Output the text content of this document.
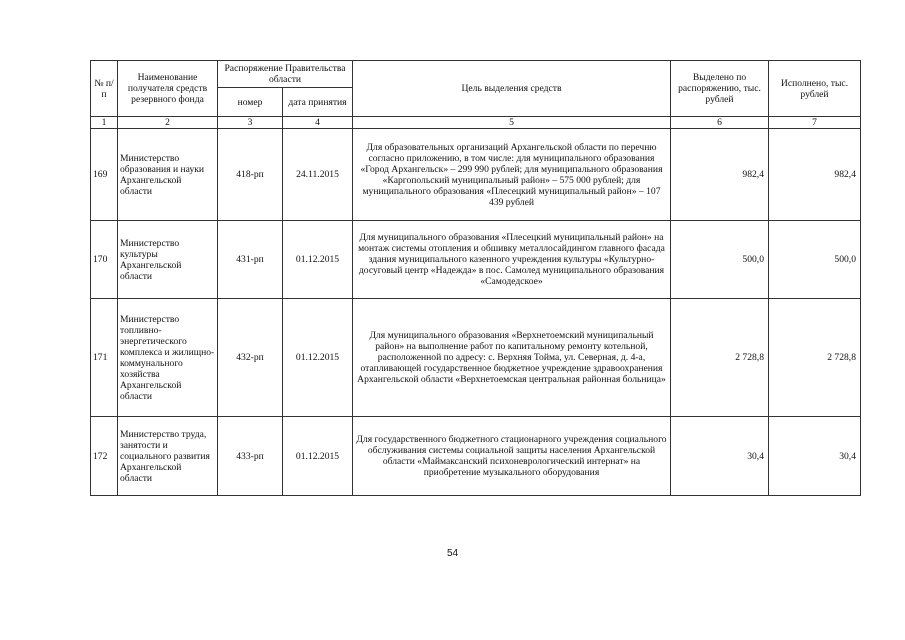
№ п/п	Наименование получателя средств резервного фонда	Распоряжение Правительства области		Цель выделения средств	Выделено по распоряжению, тыс. рублей	Исполнено, тыс. рублей
		номер	дата принятия			
1	2	3	4	5	6	7
169	Министерство образования и науки Архангельской области	418-рп	24.11.2015	Для образовательных организаций Архангельской области по перечню согласно приложению, в том числе: для муниципального образования «Город Архангельск» – 299 990 рублей; для муниципального образования «Каргопольский муниципальный район» – 575 000 рублей; для муниципального образования «Плесецкий муниципальный район» – 107 439 рублей	982,4	982,4
170	Министерство культуры Архангельской области	431-рп	01.12.2015	Для муниципального образования «Плесецкий муниципальный район» на монтаж системы отопления и обшивку металлосайдингом главного фасада здания муниципального казенного учреждения культуры «Культурно-досуговый центр «Надежда» в пос. Самолед муниципального образования «Самодедское»	500,0	500,0
171	Министерство топливно-энергетического комплекса и жилищно-коммунального хозяйства Архангельской области	432-рп	01.12.2015	Для муниципального образования «Верхнетоемский муниципальный район» на выполнение работ по капитальному ремонту котельной, расположенной по адресу: с. Верхняя Тойма, ул. Северная, д. 4-а, отапливающей государственное бюджетное учреждение здравоохранения Архангельской области «Верхнетоемская центральная районная больница»	2 728,8	2 728,8
172	Министерство труда, занятости и социального развития Архангельской области	433-рп	01.12.2015	Для государственного бюджетного стационарного учреждения социального обслуживания системы социальной защиты населения Архангельской области «Маймаксанский психоневрологический интернат» на приобретение музыкального оборудования	30,4	30,4
54
